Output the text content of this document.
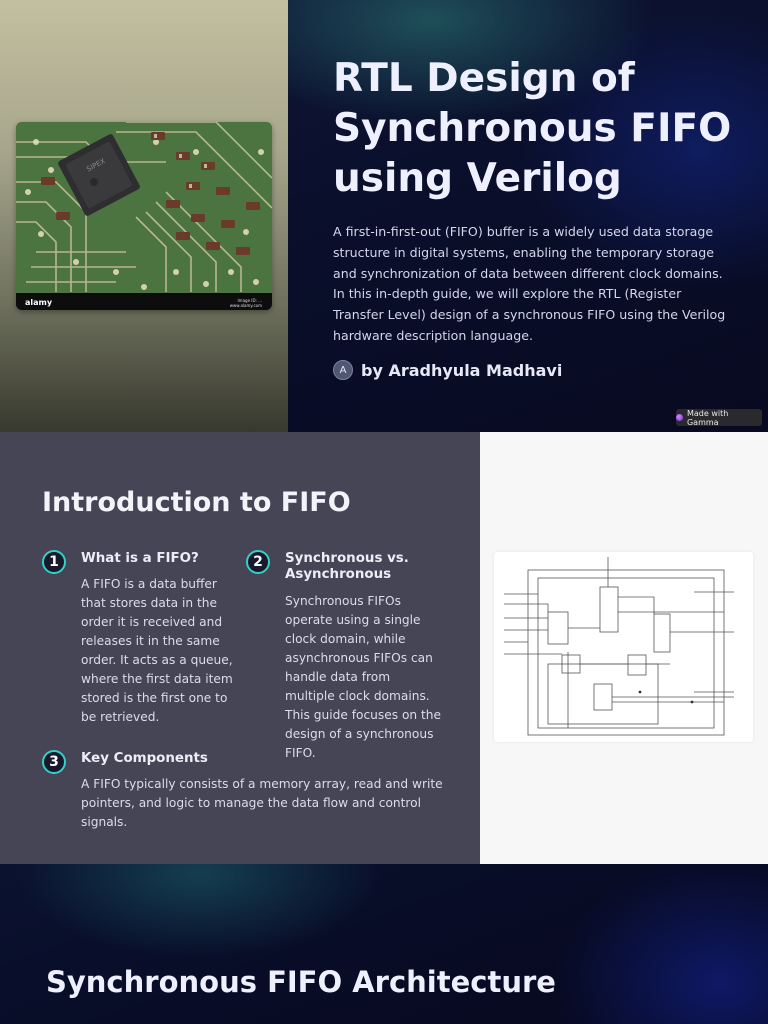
SIPEX
alamy	Image ID: ...
www.alamy.com
RTL Design of Synchronous FIFO using Verilog

A first-in-first-out (FIFO) buffer is a widely used data storage structure in digital systems, enabling the temporary storage and synchronization of data between different clock domains. In this in-depth guide, we will explore the RTL (Register Transfer Level) design of a synchronous FIFO using the Verilog hardware description language.

A by Aradhyula Madhavi
Made with Gamma
Introduction to FIFO
1	What is a FIFO?

A FIFO is a data buffer that stores data in the order it is received and releases it in the same order. It acts as a queue, where the first data item stored is the first one to be retrieved.

2	Synchronous vs. Asynchronous

Synchronous FIFOs operate using a single clock domain, while asynchronous FIFOs can handle data from multiple clock domains. This guide focuses on the design of a synchronous FIFO.

3	Key Components

A FIFO typically consists of a memory array, read and write pointers, and logic to manage the data flow and control signals.

Synchronous FIFO Architecture
